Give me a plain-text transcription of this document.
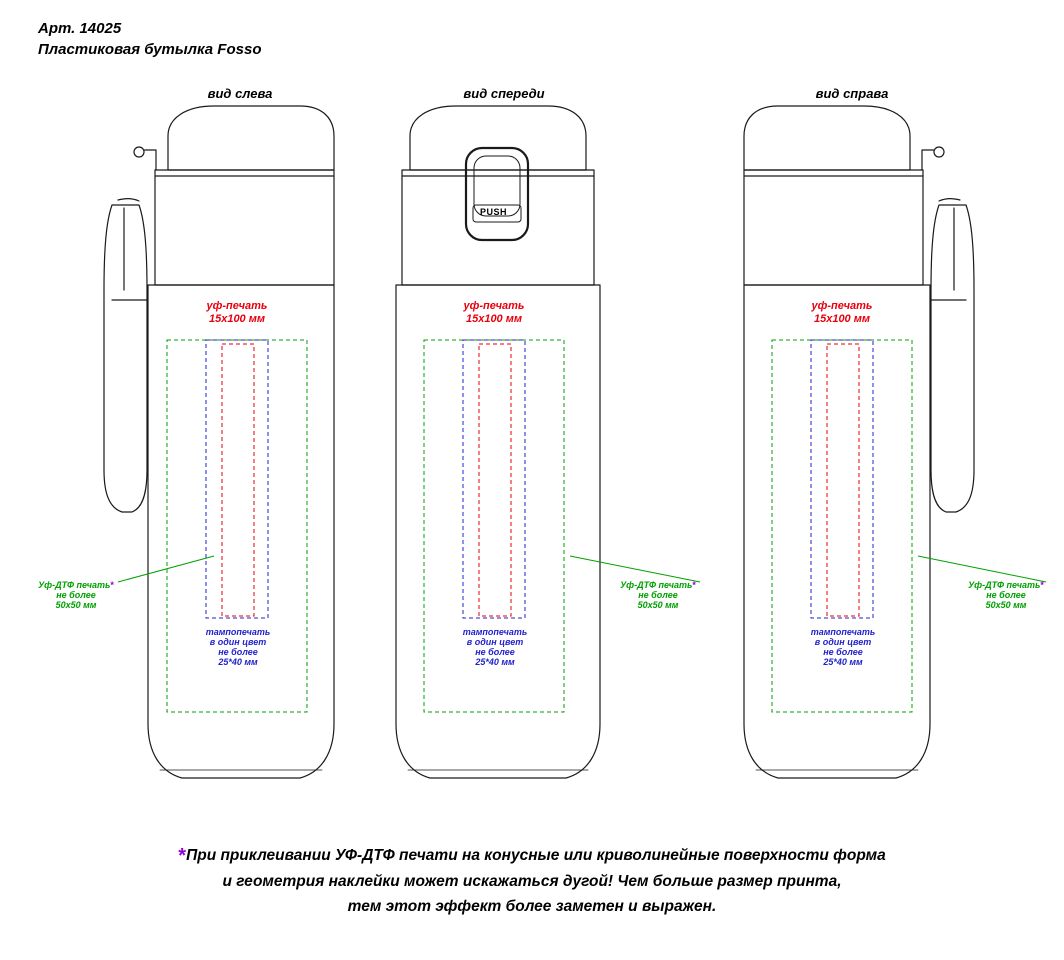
Арт. 14025
Пластиковая бутылка Fosso
вид слева	вид спереди	вид справа
PUSH
уф-печать
15x100 мм
уф-печать
15x100 мм
уф-печать
15x100 мм
тампопечать
в один цвет
не более
25*40 мм
тампопечать
в один цвет
не более
25*40 мм
тампопечать
в один цвет
не более
25*40 мм
Уф-ДТФ печать*
не более
50х50 мм
Уф-ДТФ печать*
не более
50х50 мм
Уф-ДТФ печать*
не более
50х50 мм
*При приклеивании УФ-ДТФ печати на конусные или криволинейные поверхности форма
и геометрия наклейки может искажаться дугой! Чем больше размер принта,
тем этот эффект более заметен и выражен.
